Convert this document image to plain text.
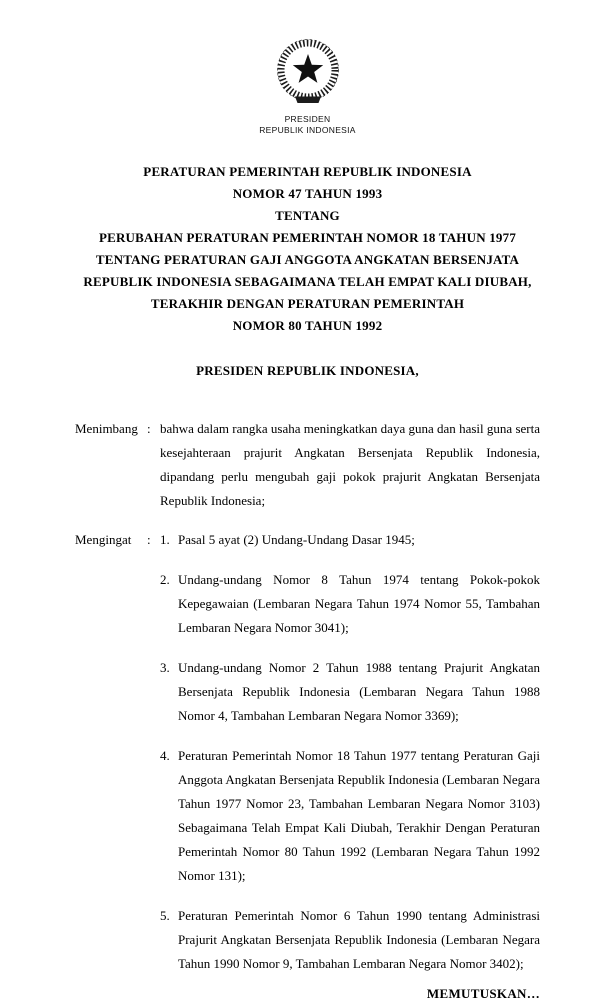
PRESIDEN
REPUBLIK INDONESIA
PERATURAN PEMERINTAH REPUBLIK INDONESIA
NOMOR 47 TAHUN 1993
TENTANG
PERUBAHAN PERATURAN PEMERINTAH NOMOR 18 TAHUN 1977
TENTANG PERATURAN GAJI ANGGOTA ANGKATAN BERSENJATA
REPUBLIK INDONESIA SEBAGAIMANA TELAH EMPAT KALI DIUBAH,
TERAKHIR DENGAN PERATURAN PEMERINTAH
NOMOR 80 TAHUN 1992
PRESIDEN REPUBLIK INDONESIA,
Menimbang : bahwa dalam rangka usaha meningkatkan daya guna dan hasil guna serta kesejahteraan prajurit Angkatan Bersenjata Republik Indonesia, dipandang perlu mengubah gaji pokok prajurit Angkatan Bersenjata Republik Indonesia;
Mengingat	: 1. Pasal 5 ayat (2) Undang-Undang Dasar 1945;
2. Undang-undang Nomor 8 Tahun 1974 tentang Pokok-pokok Kepegawaian (Lembaran Negara Tahun 1974 Nomor 55, Tambahan Lembaran Negara Nomor 3041);
3. Undang-undang Nomor 2 Tahun 1988 tentang Prajurit Angkatan Bersenjata Republik Indonesia (Lembaran Negara Tahun 1988 Nomor 4, Tambahan Lembaran Negara Nomor 3369);
4. Peraturan Pemerintah Nomor 18 Tahun 1977 tentang Peraturan Gaji Anggota Angkatan Bersenjata Republik Indonesia (Lembaran Negara Tahun 1977 Nomor 23, Tambahan Lembaran Negara Nomor 3103) Sebagaimana Telah Empat Kali Diubah, Terakhir Dengan Peraturan Pemerintah Nomor 80 Tahun 1992 (Lembaran Negara Tahun 1992 Nomor 131);
5. Peraturan Pemerintah Nomor 6 Tahun 1990 tentang Administrasi Prajurit Angkatan Bersenjata Republik Indonesia (Lembaran Negara Tahun 1990 Nomor 9, Tambahan Lembaran Negara Nomor 3402);
MEMUTUSKAN…
